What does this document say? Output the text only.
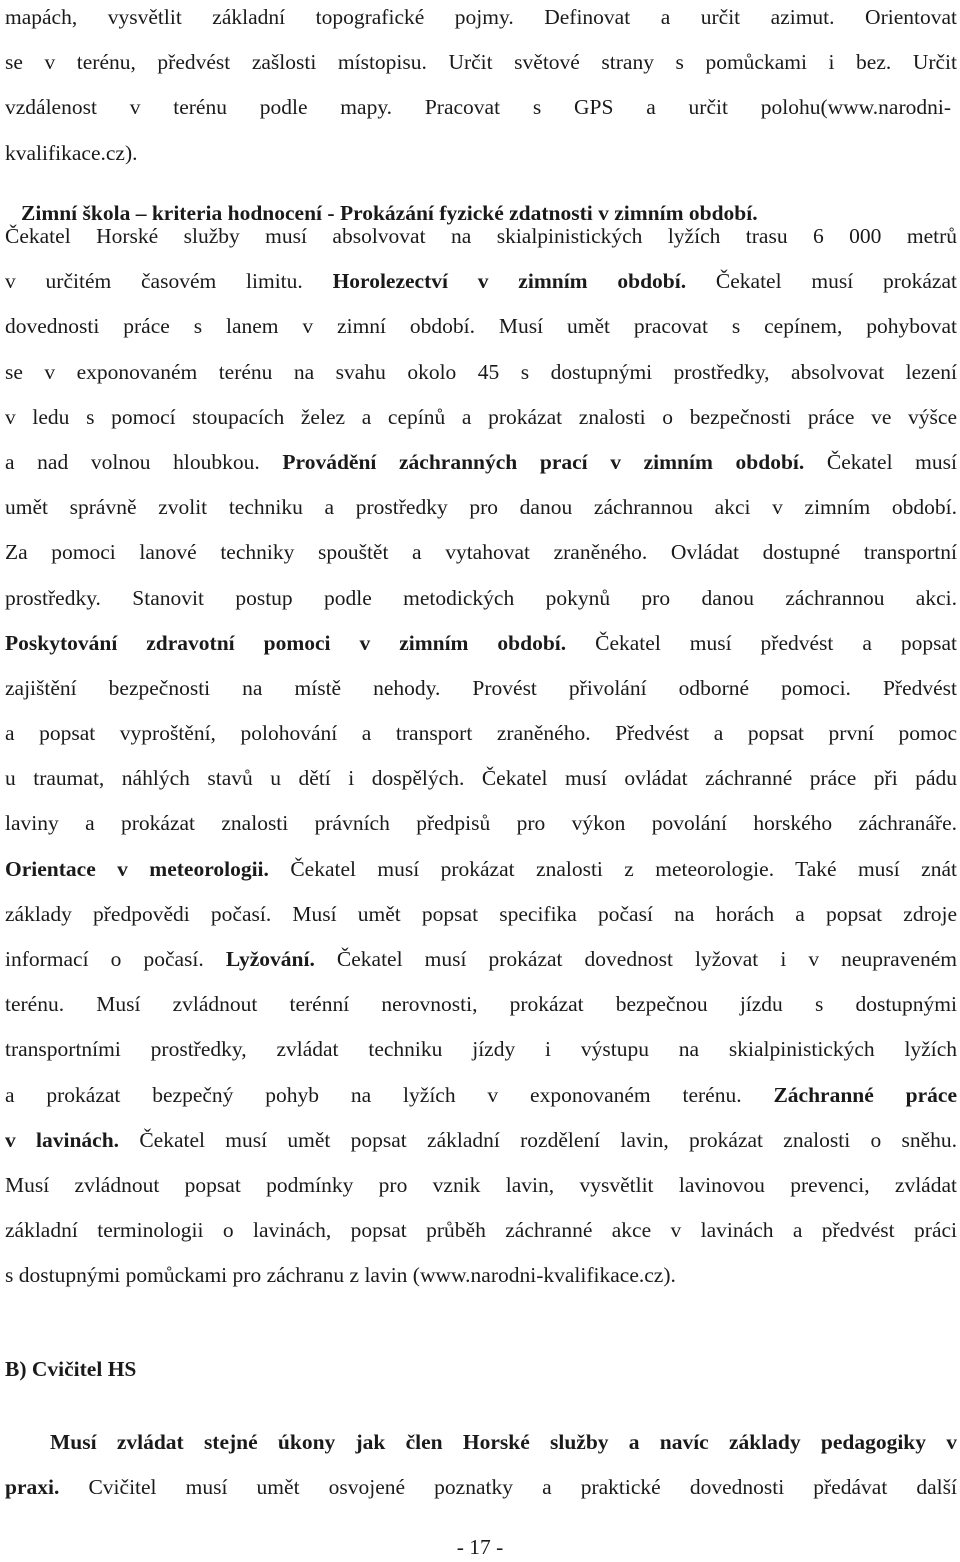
mapách, vysvětlit základní topografické pojmy. Definovat a určit azimut. Orientovat

se v terénu, předvést zašlosti místopisu. Určit světové strany s pomůckami i bez. Určit

vzdálenost v terénu podle mapy. Pracovat s GPS a určit polohu(www.narodni-

kvalifikace.cz).

Zimní škola – kriteria hodnocení - Prokázání fyzické zdatnosti v zimním období.

Čekatel Horské služby musí absolvovat na skialpinistických lyžích trasu 6 000 metrů

v určitém časovém limitu. Horolezectví v zimním období. Čekatel musí prokázat

dovednosti práce s lanem v zimní období. Musí umět pracovat s cepínem, pohybovat

se v exponovaném terénu na svahu okolo 45 s dostupnými prostředky, absolvovat lezení

v ledu s pomocí stoupacích želez a cepínů a prokázat znalosti o bezpečnosti práce ve výšce

a nad volnou hloubkou. Provádění záchranných prací v zimním období. Čekatel musí

umět správně zvolit techniku a prostředky pro danou záchrannou akci v zimním období.

Za pomoci lanové techniky spouštět a vytahovat zraněného. Ovládat dostupné transportní

prostředky. Stanovit postup podle metodických pokynů pro danou záchrannou akci.

Poskytování zdravotní pomoci v zimním období. Čekatel musí předvést a popsat

zajištění bezpečnosti na místě nehody. Provést přivolání odborné pomoci. Předvést

a popsat vyproštění, polohování a transport zraněného. Předvést a popsat první pomoc

u traumat, náhlých stavů u dětí i dospělých. Čekatel musí ovládat záchranné práce při pádu

laviny a prokázat znalosti právních předpisů pro výkon povolání horského záchranáře.

Orientace v meteorologii. Čekatel musí prokázat znalosti z meteorologie. Také musí znát

základy předpovědi počasí. Musí umět popsat specifika počasí na horách a popsat zdroje

informací o počasí. Lyžování. Čekatel musí prokázat dovednost lyžovat i v neupraveném

terénu. Musí zvládnout terénní nerovnosti, prokázat bezpečnou jízdu s dostupnými

transportními prostředky, zvládat techniku jízdy i výstupu na skialpinistických lyžích

a prokázat bezpečný pohyb na lyžích v exponovaném terénu. Záchranné práce

v lavinách. Čekatel musí umět popsat základní rozdělení lavin, prokázat znalosti o sněhu.

Musí zvládnout popsat podmínky pro vznik lavin, vysvětlit lavinovou prevenci, zvládat

základní terminologii o lavinách, popsat průběh záchranné akce v lavinách a předvést práci

s dostupnými pomůckami pro záchranu z lavin (www.narodni-kvalifikace.cz).

B) Cvičitel HS

Musí zvládat stejné úkony jak člen Horské služby a navíc základy pedagogiky v

praxi. Cvičitel musí umět osvojené poznatky a praktické dovednosti předávat další

- 17 -
